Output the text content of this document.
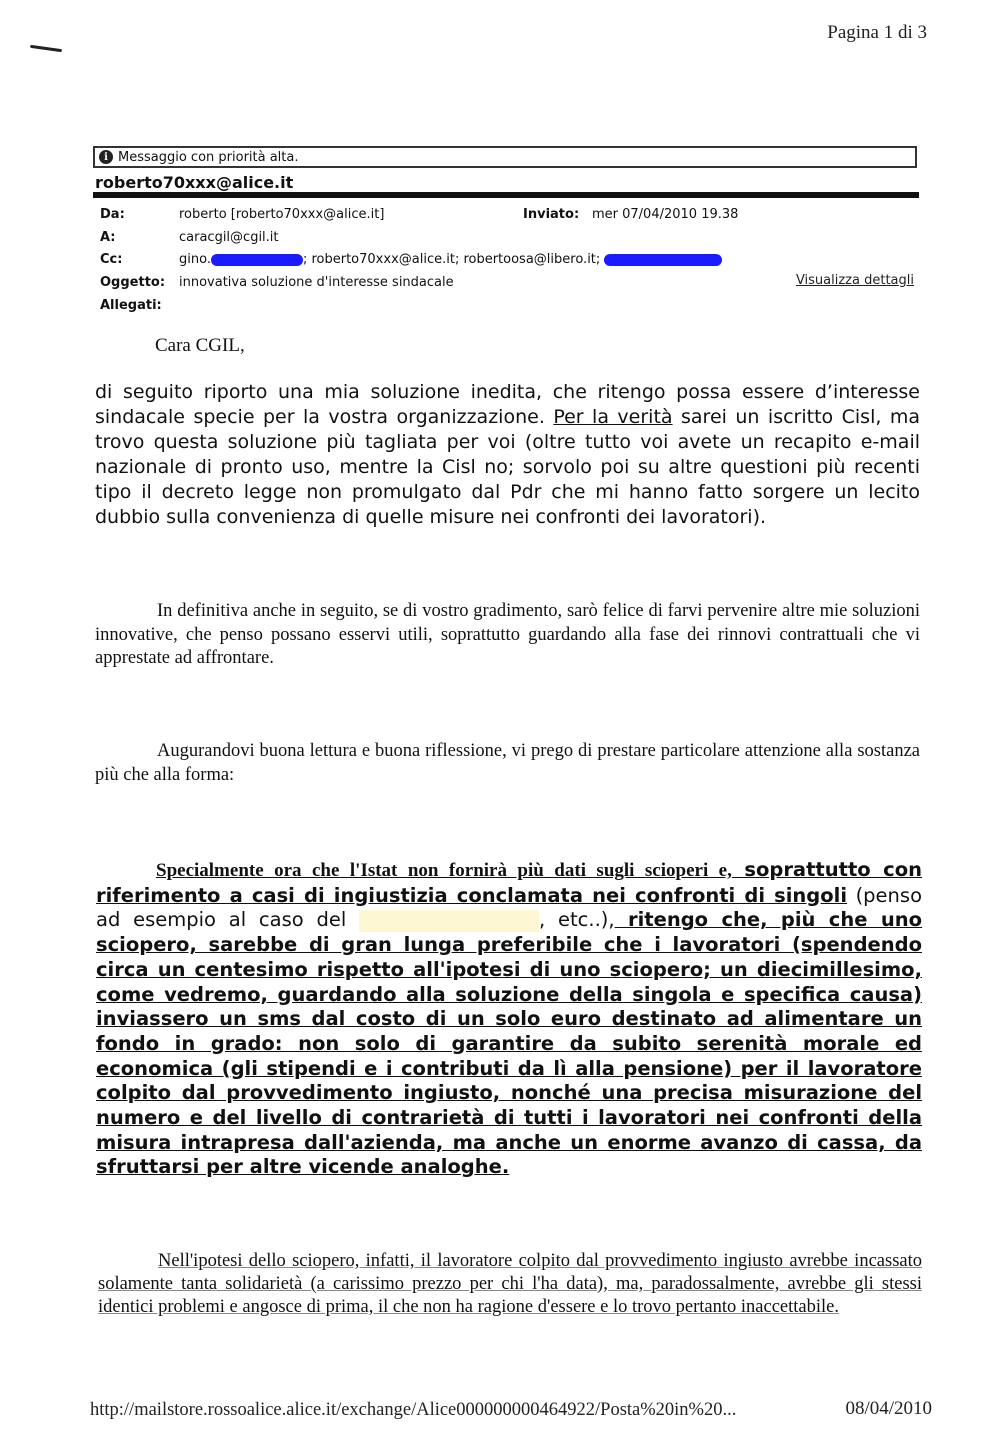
Pagina 1 di 3
i Messaggio con priorità alta.
roberto70xxx@alice.it
Da:	roberto [roberto70xxx@alice.it]	Inviato: mer 07/04/2010 19.38
A:	caracgil@cgil.it
Cc:	gino.	; roberto70xxx@alice.it; robertoosa@libero.it;
Oggetto: innovativa soluzione d'interesse sindacale	Visualizza dettagli
Allegati:
Cara CGIL,
di seguito riporto una mia soluzione inedita, che ritengo possa essere d’interesse sindacale specie per la vostra organizzazione. Per la verità sarei un iscritto Cisl, ma trovo questa soluzione più tagliata per voi (oltre tutto voi avete un recapito e-mail nazionale di pronto uso, mentre la Cisl no; sorvolo poi su altre questioni più recenti tipo il decreto legge non promulgato dal Pdr che mi hanno fatto sorgere un lecito dubbio sulla convenienza di quelle misure nei confronti dei lavoratori).
In definitiva anche in seguito, se di vostro gradimento, sarò felice di farvi pervenire altre mie soluzioni innovative, che penso possano esservi utili, soprattutto guardando alla fase dei rinnovi contrattuali che vi apprestate ad affrontare.
Augurandovi buona lettura e buona riflessione, vi prego di prestare particolare attenzione alla sostanza più che alla forma:
Specialmente ora che l'Istat non fornirà più dati sugli scioperi e, soprattutto con riferimento a casi di ingiustizia conclamata nei confronti di singoli (penso ad esempio al caso del	, etc..), ritengo che, più che uno sciopero, sarebbe di gran lunga preferibile che i lavoratori (spendendo circa un centesimo rispetto all'ipotesi di uno sciopero; un diecimillesimo, come vedremo, guardando alla soluzione della singola e specifica causa) inviassero un sms dal costo di un solo euro destinato ad alimentare un fondo in grado: non solo di garantire da subito serenità morale ed economica (gli stipendi e i contributi da lì alla pensione) per il lavoratore colpito dal provvedimento ingiusto, nonché una precisa misurazione del numero e del livello di contrarietà di tutti i lavoratori nei confronti della misura intrapresa dall'azienda, ma anche un enorme avanzo di cassa, da sfruttarsi per altre vicende analoghe.
Nell'ipotesi dello sciopero, infatti, il lavoratore colpito dal provvedimento ingiusto avrebbe incassato solamente tanta solidarietà (a carissimo prezzo per chi l'ha data), ma, paradossalmente, avrebbe gli stessi identici problemi e angosce di prima, il che non ha ragione d'essere e lo trovo pertanto inaccettabile.
http://mailstore.rossoalice.alice.it/exchange/Alice000000000464922/Posta%20in%20...	08/04/2010
